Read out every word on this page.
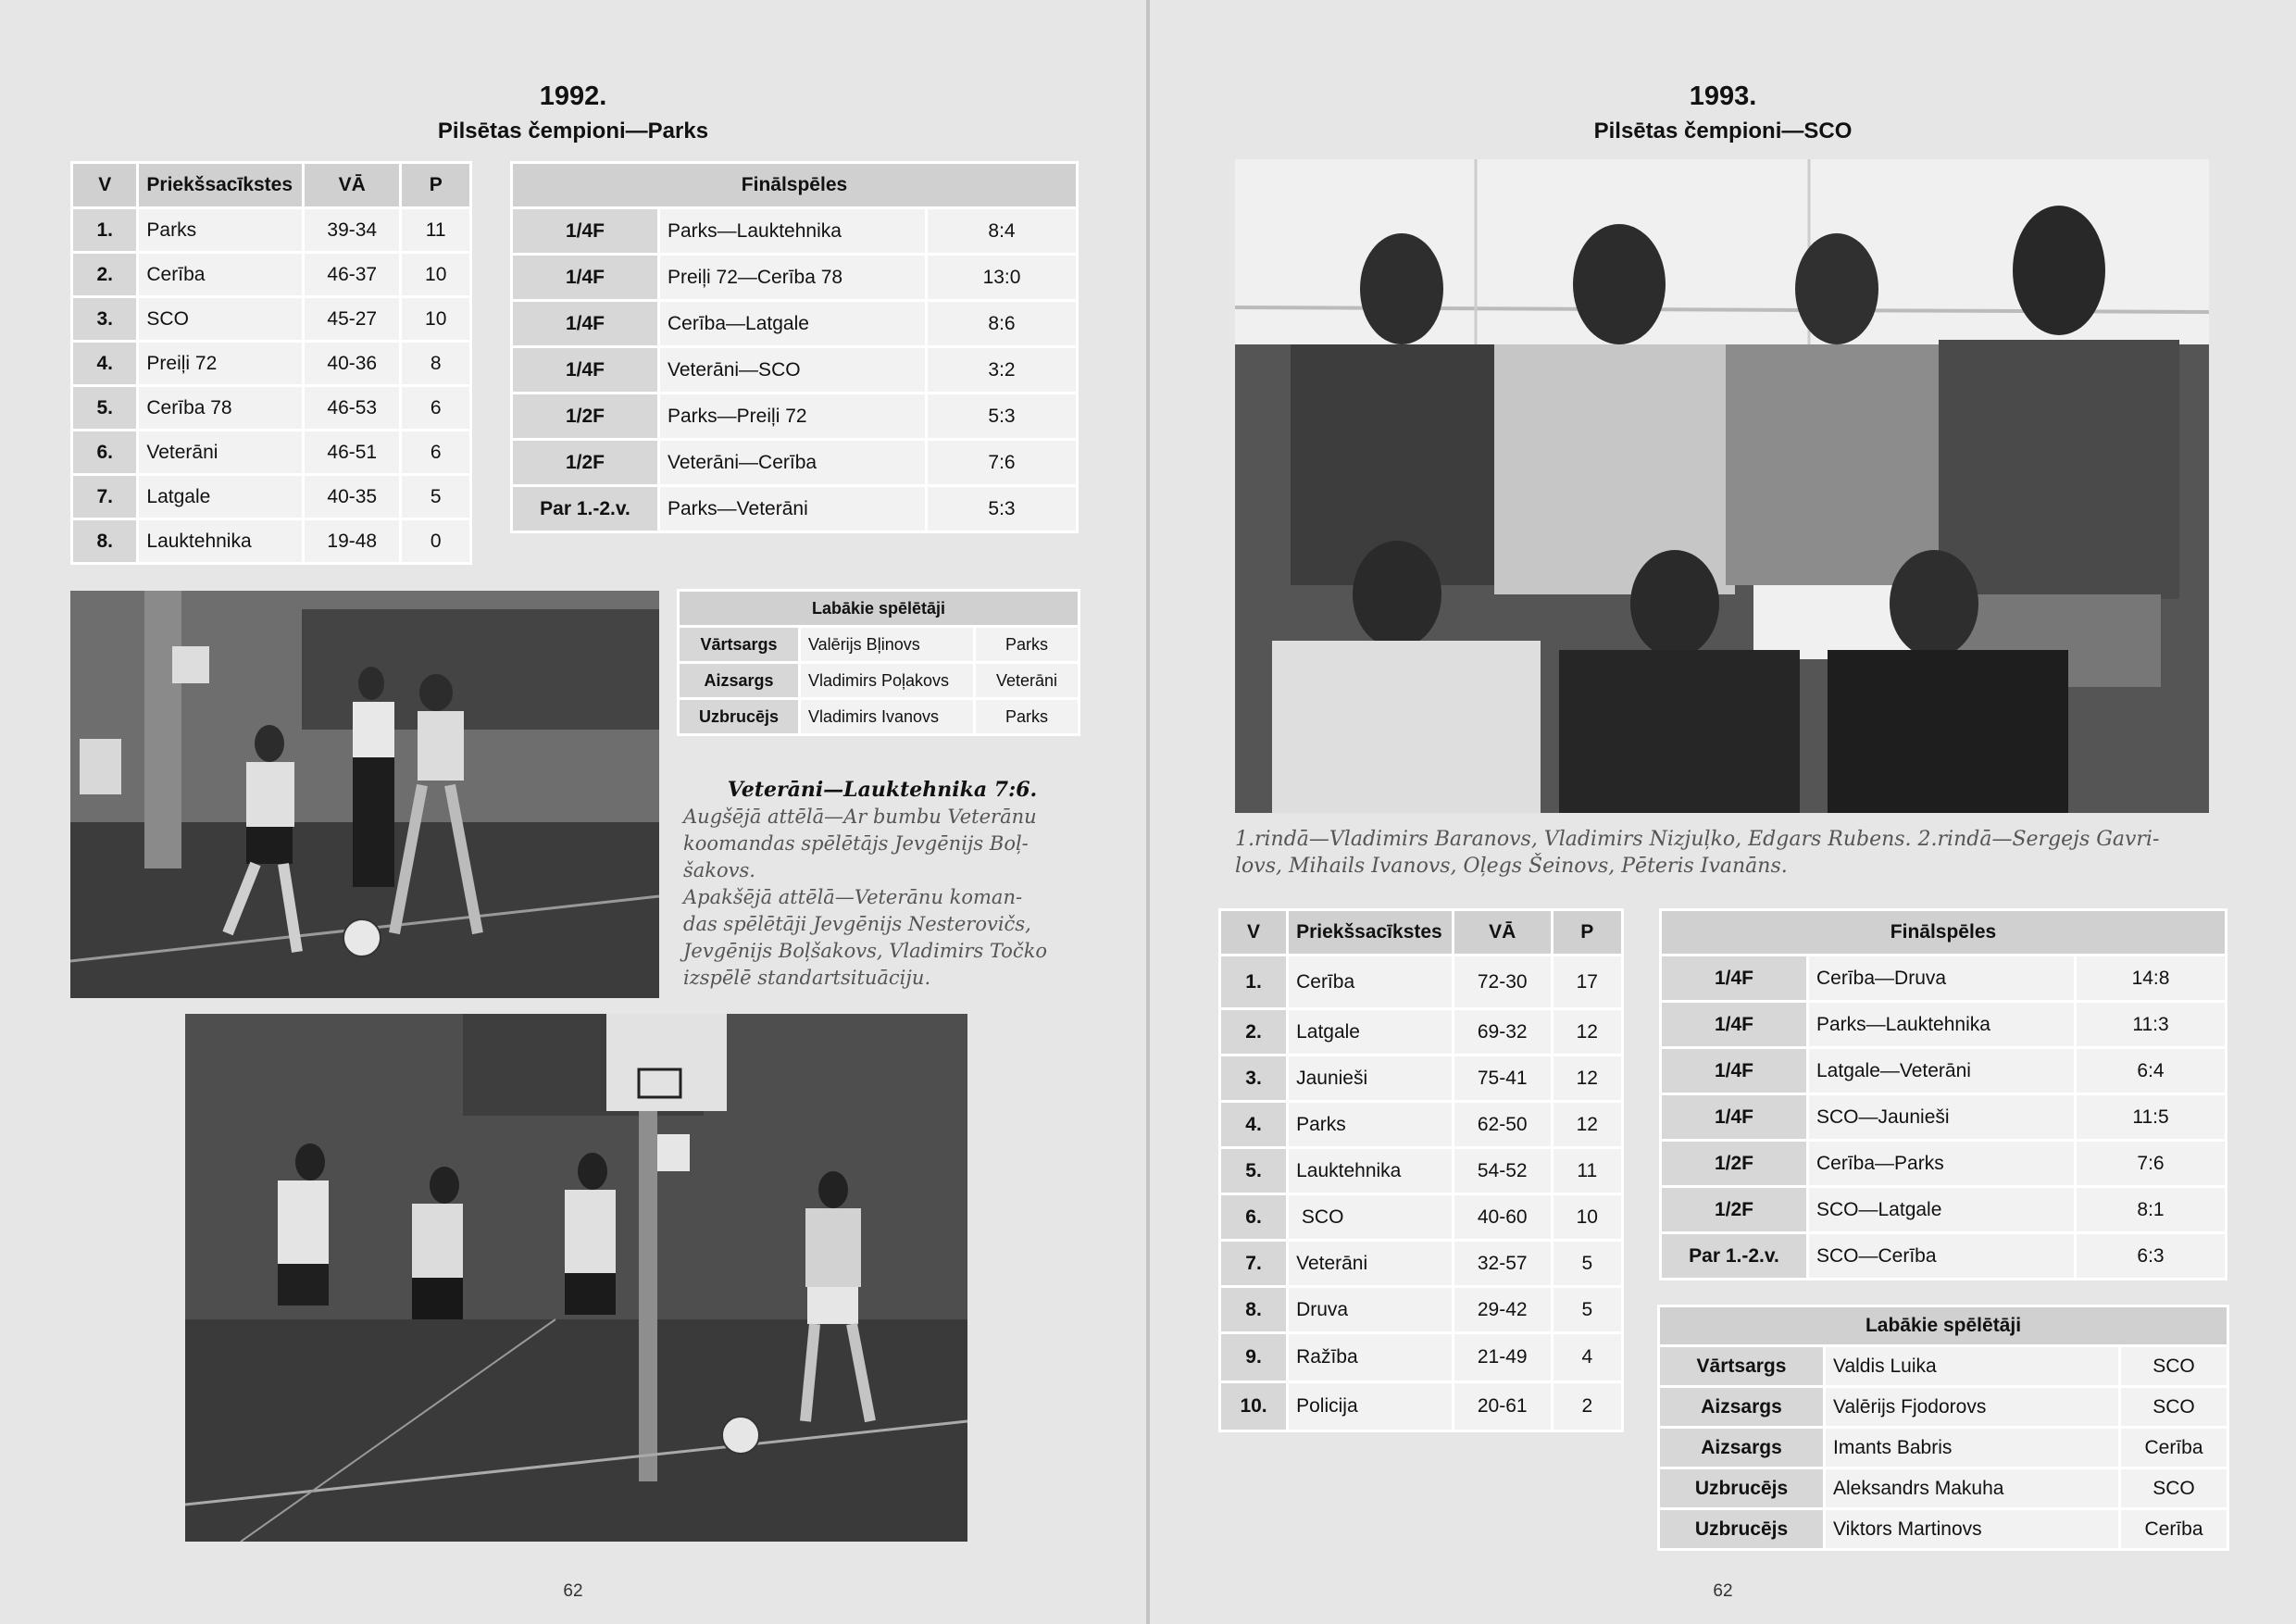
1992.
Pilsētas čempioni—Parks
V	Priekšsacīkstes	VĀ	P
1.	Parks	39-34	11
2.	Cerība	46-37	10
3.	SCO	45-27	10
4.	Preiļi 72	40-36	8
5.	Cerība 78	46-53	6
6.	Veterāni	46-51	6
7.	Latgale	40-35	5
8.	Lauktehnika	19-48	0
Finālspēles		
1/4F	Parks—Lauktehnika	8:4
1/4F	Preiļi 72—Cerība 78	13:0
1/4F	Cerība—Latgale	8:6
1/4F	Veterāni—SCO	3:2
1/2F	Parks—Preiļi 72	5:3
1/2F	Veterāni—Cerība	7:6
Par 1.-2.v.	Parks—Veterāni	5:3
Labākie spēlētāji		
Vārtsargs	Valērijs Bļinovs	Parks
Aizsargs	Vladimirs Poļakovs	Veterāni
Uzbrucējs	Vladimirs Ivanovs	Parks
Veterāni—Lauktehnika 7:6.
Augšējā attēlā—Ar bumbu Veterānu
koomandas spēlētājs Jevgēnijs Boļ-
šakovs.
Apakšējā attēlā—Veterānu koman-
das spēlētāji Jevgēnijs Nesterovičs,
Jevgēnijs Boļšakovs, Vladimirs Točko
izspēlē standartsituāciju.
62
1993.
Pilsētas čempioni—SCO
1.rindā—Vladimirs Baranovs, Vladimirs Nizjuļko, Edgars Rubens. 2.rindā—Sergejs Gavri-
lovs, Mihails Ivanovs, Oļegs Šeinovs, Pēteris Ivanāns.
V	Priekšsacīkstes	VĀ	P
1.	Cerība	72-30	17
2.	Latgale	69-32	12
3.	Jaunieši	75-41	12
4.	Parks	62-50	12
5.	Lauktehnika	54-52	11
6.	SCO	40-60	10
7.	Veterāni	32-57	5
8.	Druva	29-42	5
9.	Ražība	21-49	4
10.	Policija	20-61	2
Finālspēles		
1/4F	Cerība—Druva	14:8
1/4F	Parks—Lauktehnika	11:3
1/4F	Latgale—Veterāni	6:4
1/4F	SCO—Jaunieši	11:5
1/2F	Cerība—Parks	7:6
1/2F	SCO—Latgale	8:1
Par 1.-2.v.	SCO—Cerība	6:3
Labākie spēlētāji		
Vārtsargs	Valdis Luika	SCO
Aizsargs	Valērijs Fjodorovs	SCO
Aizsargs	Imants Babris	Cerība
Uzbrucējs	Aleksandrs Makuha	SCO
Uzbrucējs	Viktors Martinovs	Cerība
62
